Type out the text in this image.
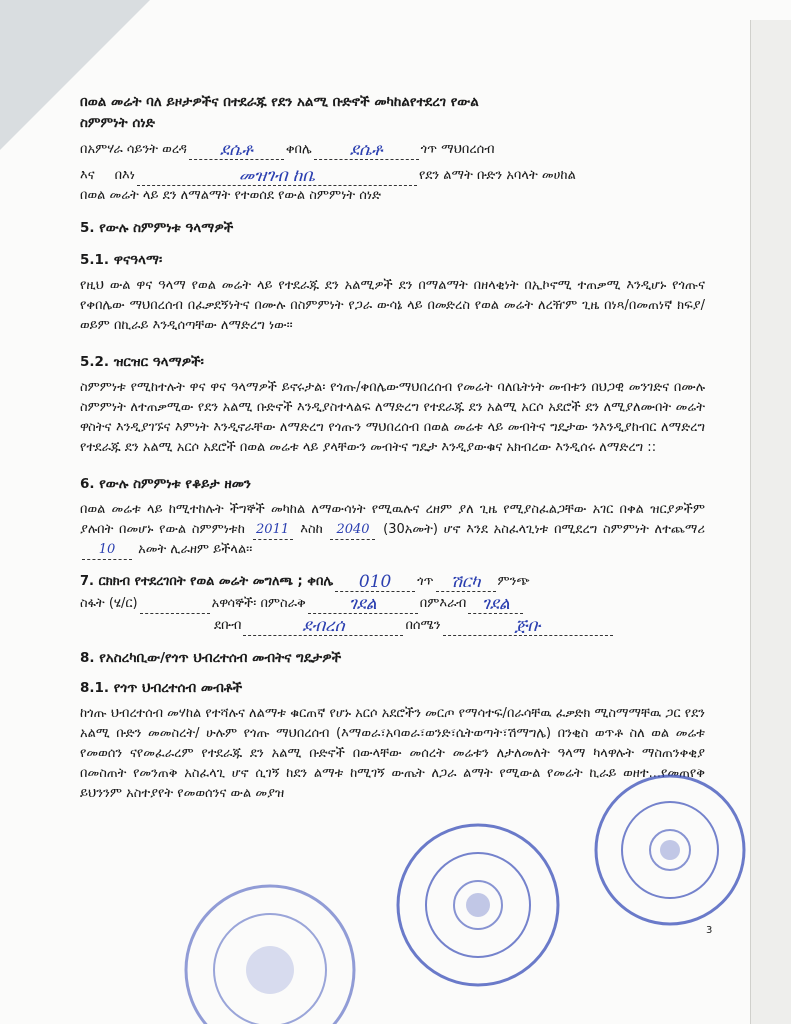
በወል መሬት ባለ ይዞታዎችና በተደራጁ የደን አልሚ ቡድኖች መካከልየተደረገ የውል
ስምምነት ሰነድ
በአምሃራ ሳይንት ወረዳ	ደሴቶ	ቀበሌ	ደሴቶ	ጎጥ ማህበረሰብ
እና በእነ	መዝገብ ከቤ	የደን ልማት ቡድን አባላት መሀከል
በወል መሬት ላይ ደን ለማልማት የተወሰደ የውል ስምምነት ሰነድ
5. የውሉ ስምምነቱ ዓላማዎች
5.1. ዋናዓላማ፡
የዚህ ውል ዋና ዓላማ የወል መሬት ላይ የተደራጁ ደን አልሚዎች ደን በማልማት በዘላቂነት በኢኮኖሚ ተጠቃሚ እንዲሆኑ የጎጡና የቀበሌው ማህበረሰብ በፈቃደኝነትና በሙሉ በስምምነት የጋራ ውሳኔ ላይ በመድረስ የወል መሬት ለረዥም ጊዜ በነጻ/በመጠነኛ ክፍያ/ ወይም በኪራይ እንዲሰጣቸው ለማድረግ ነው፡፡
5.2. ዝርዝር ዓላማዎች፡
ስምምነቱ የሚከተሉት ዋና ዋና ዓላማዎች ይኖሩታል፡ የጎጡ/ቀበሌውማህበረሰብ የመሬት ባለቤትነት መብቱን በህጋዊ መንገድና በሙሉ ስምምነት ለተጠቃሚው የደን አልሚ ቡድኖች እንዲያስተላልፍ ለማድረግ የተደራጁ ደን አልሚ አርሶ አደሮች ደን ለሚያለሙበት መሬት ዋስትና እንዲያገኙና እምነት እንዲኖራቸው ለማድረግ የጎጡን ማህበረሰብ በወል መሬቱ ላይ መብትና ግዴታው ንእንዲያከብር ለማድረግ የተደራጁ ደን አልሚ አርሶ አደሮች በወል መሬቱ ላይ ያላቸውን መብትና ግዴታ እንዲያውቁና አክብረው እንዲሰሩ ለማድረግ ::
6. የውሉ ስምምነቱ የቆይታ ዘመን
በወል መሬቱ ላይ ከሚተከሉት ችግኞች መካከል ለማውሳነት የሚዉሉና ረዘም ያለ ጊዜ የሚያስፈልጋቸው አገር በቀል ዝርያዎችም ያሉበት በመሆኑ የውል ስምምነቱከ 2011 እስከ 2040 (30አመት) ሆኖ እንደ አስፈላጊነቱ በሚደረግ ስምምነት ለተጨማሪ 10 አመት ሊራዘም ይችላል፡፡
7. ርክክብ የተደረገበት የወል መሬት መግለጫ ; ቀበሌ	010	ጎጥ ሽርካ	ምንጭ
ስፋት (ሄ/ር)	አዋሳኞች፡ በምስራቅ	ገደል	በምእራብ ገደል
ደቡብ	ደብረሰ	በሰሜን	ጅቡ
8. የአስረካቢው/የጎጥ ህብረተሰብ መብትና ግዴታዎች
8.1. የጎጥ ህብረተሰብ መብቶች
ከጎጡ ህብረተሰብ መሃከል የተሻሉና ለልማቱ ቁርጠኛ የሆኑ አርሶ አደሮችን መርጦ የማሳተፍ/በራሳቸዉ ፈቃድክ ሚስማማቸዉ ጋር የደን አልሚ ቡድን መመስረት/ ሁሉም የጎጡ ማህበረሰብ (እማወራ፣አባወራ፣ወንድ፣ሴትወጣት፣ሽማግሌ) በንቂስ ወጥቶ ስለ ወል መሬቱ የመወሰን ናየመፈራረም የተደራጁ ደን አልሚ ቡድኖች በውላቸው መሰረት መሬቱን ለታለመለት ዓላማ ካላዋሉት ማስጠንቀቂያ በመስጠት የመንጠቅ አስፈላጊ ሆኖ ሲገኝ ከደን ልማቱ ከሚገኝ ውጤት ለጋራ ልማት የሚውል የመሬት ኪራይ ወዘተ...የመጠየቅ ይህንንም አስተያየት የመወሰንና ውል መያዝ
3
